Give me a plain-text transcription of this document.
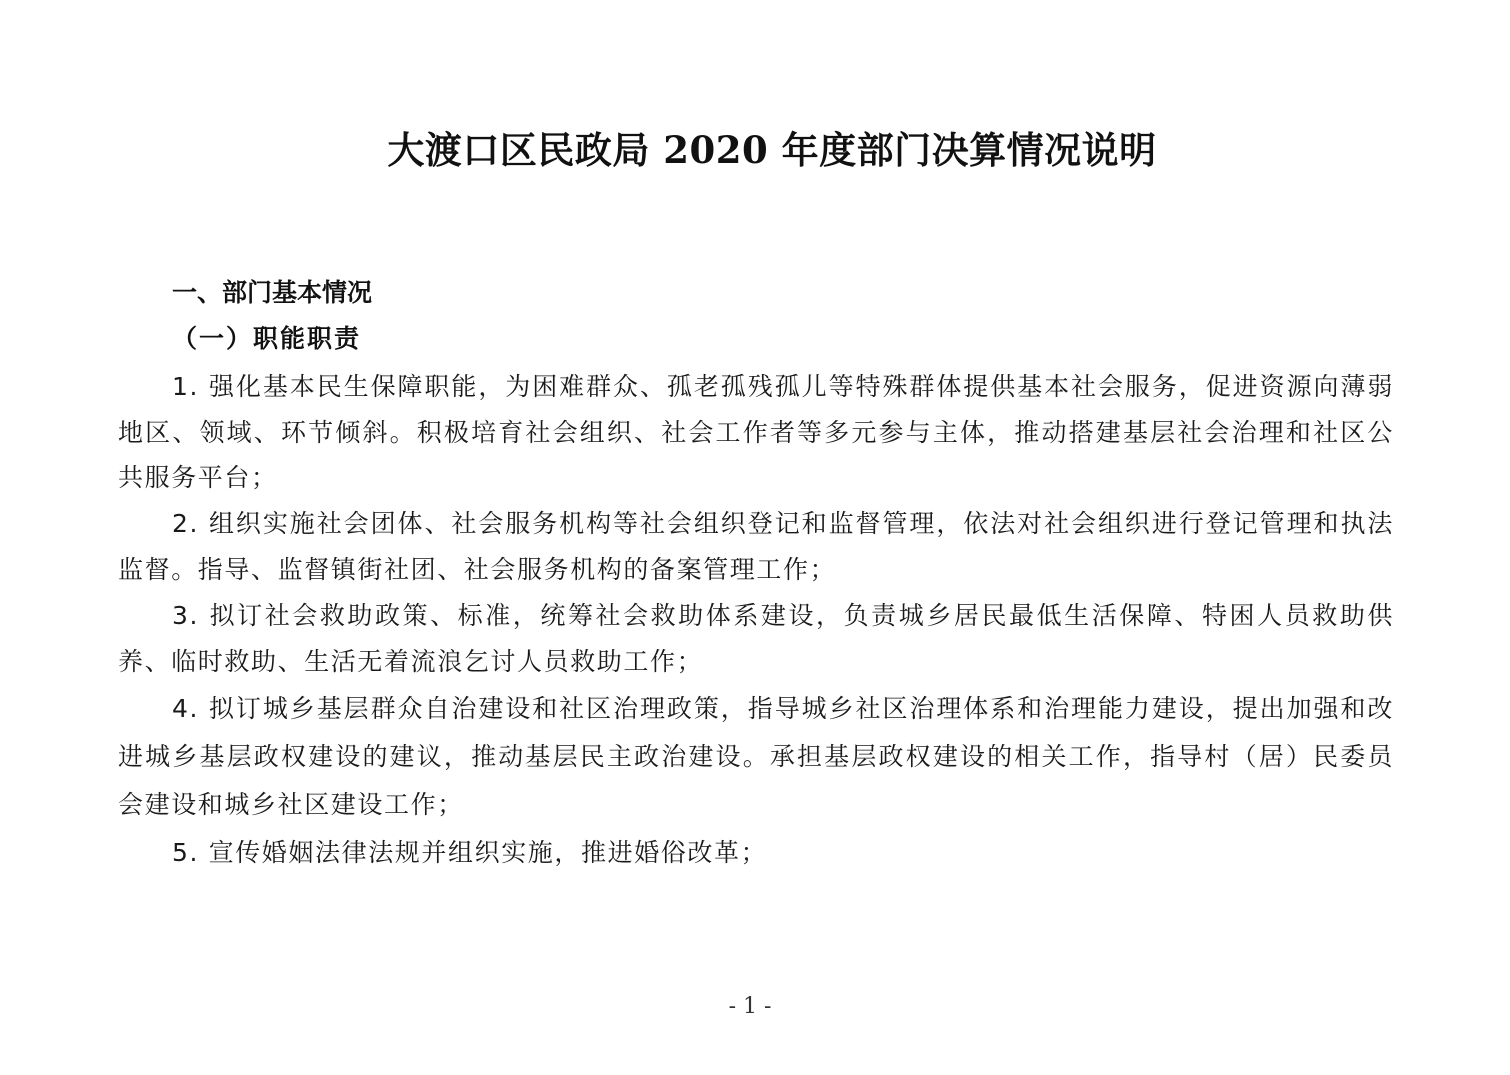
大渡口区民政局 2020 年度部门决算情况说明
一、部门基本情况
（一）职能职责

1. 强化基本民生保障职能，为困难群众、孤老孤残孤儿等特殊群体提供基本社会服务，促进资源向薄弱地区、领域、环节倾斜。积极培育社会组织、社会工作者等多元参与主体，推动搭建基层社会治理和社区公共服务平台；

2. 组织实施社会团体、社会服务机构等社会组织登记和监督管理，依法对社会组织进行登记管理和执法监督。指导、监督镇街社团、社会服务机构的备案管理工作；

3. 拟订社会救助政策、标准，统筹社会救助体系建设，负责城乡居民最低生活保障、特困人员救助供养、临时救助、生活无着流浪乞讨人员救助工作；

4. 拟订城乡基层群众自治建设和社区治理政策，指导城乡社区治理体系和治理能力建设，提出加强和改进城乡基层政权建设的建议，推动基层民主政治建设。承担基层政权建设的相关工作，指导村（居）民委员会建设和城乡社区建设工作；

5. 宣传婚姻法律法规并组织实施，推进婚俗改革；

- 1 -
